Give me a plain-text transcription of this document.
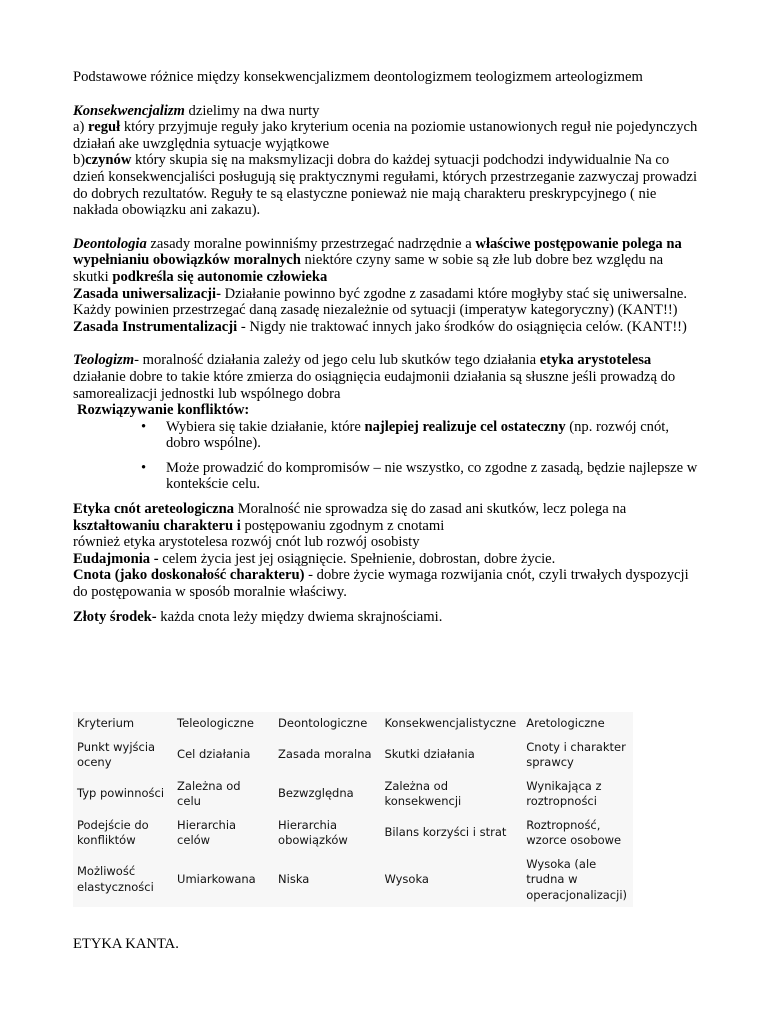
Podstawowe różnice między konsekwencjalizmem deontologizmem teologizmem arteologizmem

Konsekwencjalizm dzielimy na dwa nurty

a) reguł który przyjmuje reguły jako kryterium ocenia na poziomie ustanowionych reguł nie pojedynczych działań ake uwzględnia sytuacje wyjątkowe

b)czynów który skupia się na maksmylizacji dobra do każdej sytuacji podchodzi indywidualnie Na co dzień konsekwencjaliści posługują się praktycznymi regułami, których przestrzeganie zazwyczaj prowadzi do dobrych rezultatów. Reguły te są elastyczne ponieważ nie mają charakteru preskrypcyjnego ( nie nakłada obowiązku ani zakazu).

Deontologia zasady moralne powinniśmy przestrzegać nadrzędnie a właściwe postępowanie polega na wypełnianiu obowiązków moralnych niektóre czyny same w sobie są złe lub dobre bez względu na skutki podkreśla się autonomie człowieka

Zasada uniwersalizacji- Działanie powinno być zgodne z zasadami które mogłyby stać się uniwersalne. Każdy powinien przestrzegać daną zasadę niezależnie od sytuacji (imperatyw kategoryczny) (KANT!!)

Zasada Instrumentalizacji - Nigdy nie traktować innych jako środków do osiągnięcia celów. (KANT!!)

Teologizm- moralność działania zależy od jego celu lub skutków tego działania etyka arystotelesa działanie dobre to takie które zmierza do osiągnięcia eudajmonii działania są słuszne jeśli prowadzą do samorealizacji jednostki lub wspólnego dobra

Rozwiązywanie konfliktów:

• Wybiera się takie działanie, które najlepiej realizuje cel ostateczny (np. rozwój cnót, dobro wspólne).
• Może prowadzić do kompromisów – nie wszystko, co zgodne z zasadą, będzie najlepsze w kontekście celu.

Etyka cnót areteologiczna Moralność nie sprowadza się do zasad ani skutków, lecz polega na kształtowaniu charakteru i postępowaniu zgodnym z cnotami

również etyka arystotelesa rozwój cnót lub rozwój osobisty

Eudajmonia - celem życia jest jej osiągnięcie. Spełnienie, dobrostan, dobre życie.

Cnota (jako doskonałość charakteru) - dobre życie wymaga rozwijania cnót, czyli trwałych dyspozycji do postępowania w sposób moralnie właściwy.

Złoty środek- każda cnota leży między dwiema skrajnościami.

Kryterium	Teleologiczne	Deontologiczne	Konsekwencjalistyczne	Aretologiczne
Punkt wyjścia oceny	Cel działania	Zasada moralna	Skutki działania	Cnoty i charakter sprawcy
Typ powinności	Zależna od celu	Bezwzględna	Zależna od konsekwencji	Wynikająca z roztropności
Podejście do konfliktów	Hierarchia celów	Hierarchia obowiązków	Bilans korzyści i strat	Roztropność, wzorce osobowe
Możliwość elastyczności	Umiarkowana	Niska	Wysoka	Wysoka (ale trudna w operacjonalizacji)

ETYKA KANTA.
